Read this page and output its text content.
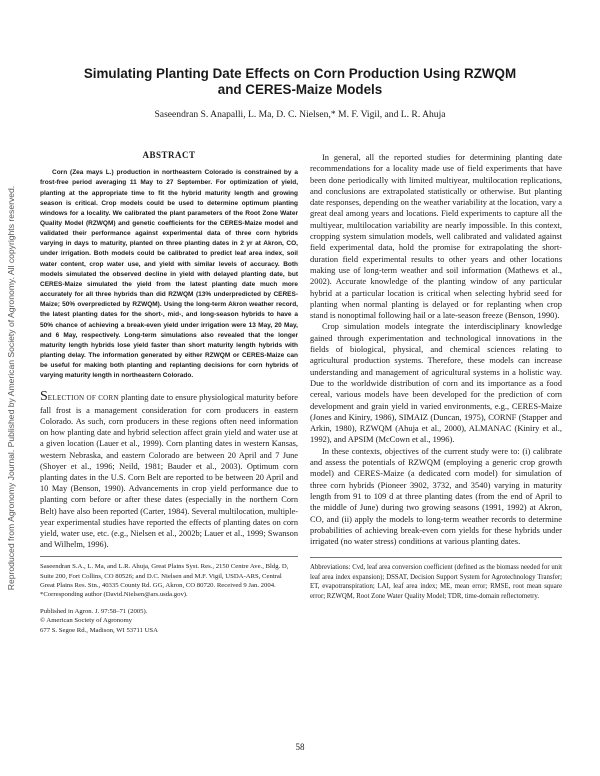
Reproduced from Agronomy Journal. Published by American Society of Agronomy. All copyrights reserved.

Simulating Planting Date Effects on Corn Production Using RZWQM
and CERES-Maize Models

Saseendran S. Anapalli, L. Ma, D. C. Nielsen,* M. F. Vigil, and L. R. Ahuja
ABSTRACT

Corn (Zea mays L.) production in northeastern Colorado is constrained by a frost-free period averaging 11 May to 27 September. For optimization of yield, planting at the appropriate time to fit the hybrid maturity length and growing season is critical. Crop models could be used to determine optimum planting windows for a locality. We calibrated the plant parameters of the Root Zone Water Quality Model (RZWQM) and genetic coefficients for the CERES-Maize model and validated their performance against experimental data of three corn hybrids varying in days to maturity, planted on three planting dates in 2 yr at Akron, CO, under irrigation. Both models could be calibrated to predict leaf area index, soil water content, crop water use, and yield with similar levels of accuracy. Both models simulated the observed decline in yield with delayed planting date, but CERES-Maize simulated the yield from the latest planting date much more accurately for all three hybrids than did RZWQM (13% underpredicted by CERES-Maize; 50% overpredicted by RZWQM). Using the long-term Akron weather record, the latest planting dates for the short-, mid-, and long-season hybrids to have a 50% chance of achieving a break-even yield under irrigation were 13 May, 20 May, and 6 May, respectively. Long-term simulations also revealed that the longer maturity length hybrids lose yield faster than short maturity length hybrids with planting delay. The information generated by either RZWQM or CERES-Maize can be useful for making both planting and replanting decisions for corn hybrids of varying maturity length in northeastern Colorado.

SELECTION OF CORN planting date to ensure physiological maturity before fall frost is a management consideration for corn producers in eastern Colorado. As such, corn producers in these regions often need information on how planting date and hybrid selection affect grain yield and water use at a given location (Lauer et al., 1999). Corn planting dates in western Kansas, western Nebraska, and eastern Colorado are between 20 April and 7 June (Shoyer et al., 1996; Neild, 1981; Bauder et al., 2003). Optimum corn planting dates in the U.S. Corn Belt are reported to be between 20 April and 10 May (Benson, 1990). Advancements in crop yield performance due to planting corn before or after these dates (especially in the northern Corn Belt) have also been reported (Carter, 1984). Several multilocation, multiple-year experimental studies have reported the effects of planting dates on corn yield, water use, etc. (e.g., Nielsen et al., 2002b; Lauer et al., 1999; Swanson and Wilhelm, 1996).

Saseendran S.A., L. Ma, and L.R. Ahuja, Great Plains Syst. Res., 2150 Centre Ave., Bldg. D, Suite 200, Fort Collins, CO 80526; and D.C. Nielsen and M.F. Vigil, USDA-ARS, Central Great Plains Res. Stn., 40335 County Rd. GG, Akron, CO 80720. Received 9 Jan. 2004. *Corresponding author (David.Nielsen@ars.usda.gov).

Published in Agron. J. 97:58–71 (2005).
© American Society of Agronomy
677 S. Segoe Rd., Madison, WI 53711 USA

In general, all the reported studies for determining planting date recommendations for a locality made use of field experiments that have been done periodically with limited multiyear, multilocation replications, and conclusions are extrapolated statistically or otherwise. But planting date responses, depending on the weather variability at the location, vary a great deal among years and locations. Field experiments to capture all the multiyear, multilocation variability are nearly impossible. In this context, cropping system simulation models, well calibrated and validated against field experimental data, hold the promise for extrapolating the short-duration field experimental results to other years and other locations making use of long-term weather and soil information (Mathews et al., 2002). Accurate knowledge of the planting window of any particular hybrid at a particular location is critical when selecting hybrid seed for planting when normal planting is delayed or for replanting when crop stand is nonoptimal following hail or a late-season freeze (Benson, 1990).

Crop simulation models integrate the interdisciplinary knowledge gained through experimentation and technological innovations in the fields of biological, physical, and chemical sciences relating to agricultural production systems. Therefore, these models can increase understanding and management of agricultural systems in a holistic way. Due to the worldwide distribution of corn and its importance as a food cereal, various models have been developed for the prediction of corn development and grain yield in varied environments, e.g., CERES-Maize (Jones and Kiniry, 1986), SIMAIZ (Duncan, 1975), CORNF (Stapper and Arkin, 1980), RZWQM (Ahuja et al., 2000), ALMANAC (Kiniry et al., 1992), and APSIM (McCown et al., 1996).

In these contexts, objectives of the current study were to: (i) calibrate and assess the potentials of RZWQM (employing a generic crop growth model) and CERES-Maize (a dedicated corn model) for simulation of three corn hybrids (Pioneer 3902, 3732, and 3540) varying in maturity length from 91 to 109 d at three planting dates (from the end of April to the middle of June) during two growing seasons (1991, 1992) at Akron, CO, and (ii) apply the models to long-term weather records to determine probabilities of achieving break-even corn yields for these hybrids under irrigated (no water stress) conditions at various planting dates.

Abbreviations: Cvd, leaf area conversion coefficient (defined as the biomass needed for unit leaf area index expansion); DSSAT, Decision Support System for Agrotechnology Transfer; ET, evapotranspiration; LAI, leaf area index; ME, mean error; RMSE, root mean square error; RZWQM, Root Zone Water Quality Model; TDR, time-domain reflectometry.

58
